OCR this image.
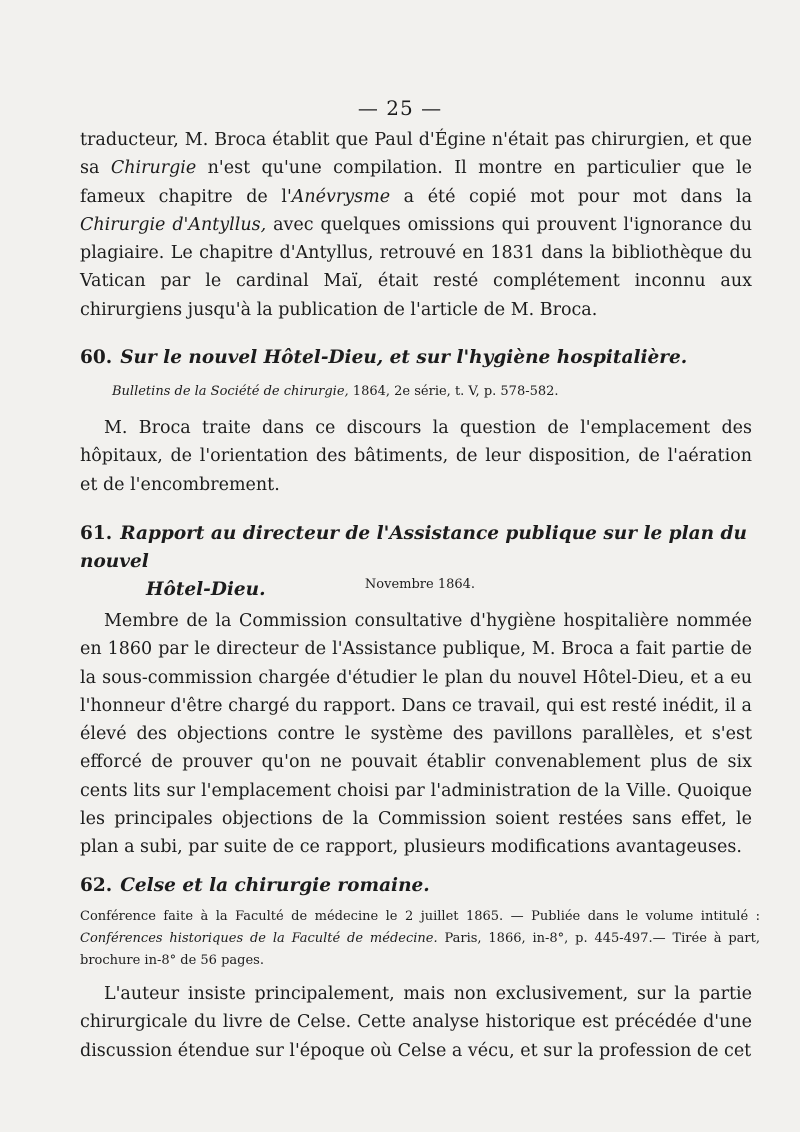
— 25 —

traducteur, M. Broca établit que Paul d'Égine n'était pas chirurgien, et que sa Chirurgie n'est qu'une compilation. Il montre en particulier que le fameux chapitre de l'Anévrysme a été copié mot pour mot dans la Chirurgie d'Antyllus, avec quelques omissions qui prouvent l'ignorance du plagiaire. Le chapitre d'Antyllus, retrouvé en 1831 dans la bibliothèque du Vatican par le cardinal Maï, était resté complétement inconnu aux chirurgiens jusqu'à la publication de l'article de M. Broca.

60. Sur le nouvel Hôtel-Dieu, et sur l'hygiène hospitalière.

Bulletins de la Société de chirurgie, 1864, 2e série, t. V, p. 578-582.

M. Broca traite dans ce discours la question de l'emplacement des hôpitaux, de l'orientation des bâtiments, de leur disposition, de l'aération et de l'encombrement.

61. Rapport au directeur de l'Assistance publique sur le plan du nouvel
Hôtel-Dieu.	Novembre 1864.

Membre de la Commission consultative d'hygiène hospitalière nommée en 1860 par le directeur de l'Assistance publique, M. Broca a fait partie de la sous-commission chargée d'étudier le plan du nouvel Hôtel-Dieu, et a eu l'honneur d'être chargé du rapport. Dans ce travail, qui est resté inédit, il a élevé des objections contre le système des pavillons parallèles, et s'est efforcé de prouver qu'on ne pouvait établir convenablement plus de six cents lits sur l'emplacement choisi par l'administration de la Ville. Quoique les principales objections de la Commission soient restées sans effet, le plan a subi, par suite de ce rapport, plusieurs modifications avantageuses.

62. Celse et la chirurgie romaine.

Conférence faite à la Faculté de médecine le 2 juillet 1865. — Publiée dans le volume intitulé : Conférences historiques de la Faculté de médecine. Paris, 1866, in-8°, p. 445-497.— Tirée à part, brochure in-8° de 56 pages.

L'auteur insiste principalement, mais non exclusivement, sur la partie chirurgicale du livre de Celse. Cette analyse historique est précédée d'une discussion étendue sur l'époque où Celse a vécu, et sur la profession de cet
